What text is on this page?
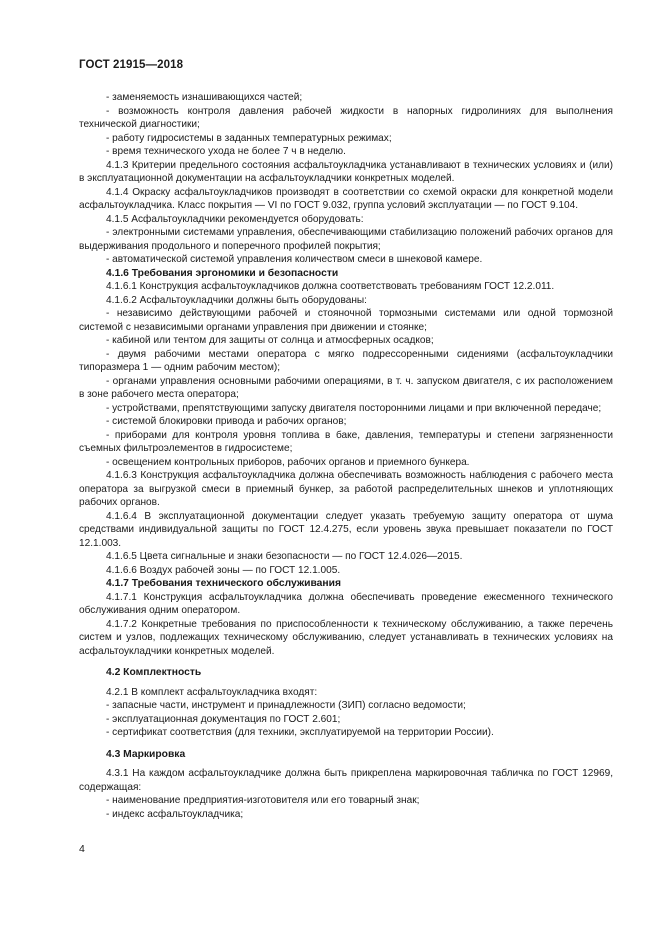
ГОСТ 21915—2018

- заменяемость изнашивающихся частей;

- возможность контроля давления рабочей жидкости в напорных гидролиниях для выполнения технической диагностики;

- работу гидросистемы в заданных температурных режимах;

- время технического ухода не более 7 ч в неделю.

4.1.3 Критерии предельного состояния асфальтоукладчика устанавливают в технических условиях и (или) в эксплуатационной документации на асфальтоукладчики конкретных моделей.

4.1.4 Окраску асфальтоукладчиков производят в соответствии со схемой окраски для конкретной модели асфальтоукладчика. Класс покрытия — VI по ГОСТ 9.032, группа условий эксплуатации — по ГОСТ 9.104.

4.1.5 Асфальтоукладчики рекомендуется оборудовать:

- электронными системами управления, обеспечивающими стабилизацию положений рабочих органов для выдерживания продольного и поперечного профилей покрытия;

- автоматической системой управления количеством смеси в шнековой камере.

4.1.6 Требования эргономики и безопасности

4.1.6.1 Конструкция асфальтоукладчиков должна соответствовать требованиям ГОСТ 12.2.011.

4.1.6.2 Асфальтоукладчики должны быть оборудованы:

- независимо действующими рабочей и стояночной тормозными системами или одной тормозной системой с независимыми органами управления при движении и стоянке;

- кабиной или тентом для защиты от солнца и атмосферных осадков;

- двумя рабочими местами оператора с мягко подрессоренными сидениями (асфальтоукладчики типоразмера 1 — одним рабочим местом);

- органами управления основными рабочими операциями, в т. ч. запуском двигателя, с их расположением в зоне рабочего места оператора;

- устройствами, препятствующими запуску двигателя посторонними лицами и при включенной передаче;

- системой блокировки привода и рабочих органов;

- приборами для контроля уровня топлива в баке, давления, температуры и степени загрязненности съемных фильтроэлементов в гидросистеме;

- освещением контрольных приборов, рабочих органов и приемного бункера.

4.1.6.3 Конструкция асфальтоукладчика должна обеспечивать возможность наблюдения с рабочего места оператора за выгрузкой смеси в приемный бункер, за работой распределительных шнеков и уплотняющих рабочих органов.

4.1.6.4 В эксплуатационной документации следует указать требуемую защиту оператора от шума средствами индивидуальной защиты по ГОСТ 12.4.275, если уровень звука превышает показатели по ГОСТ 12.1.003.

4.1.6.5 Цвета сигнальные и знаки безопасности — по ГОСТ 12.4.026—2015.

4.1.6.6 Воздух рабочей зоны — по ГОСТ 12.1.005.

4.1.7 Требования технического обслуживания

4.1.7.1 Конструкция асфальтоукладчика должна обеспечивать проведение ежесменного технического обслуживания одним оператором.

4.1.7.2 Конкретные требования по приспособленности к техническому обслуживанию, а также перечень систем и узлов, подлежащих техническому обслуживанию, следует устанавливать в технических условиях на асфальтоукладчики конкретных моделей.

4.2 Комплектность

4.2.1 В комплект асфальтоукладчика входят:

- запасные части, инструмент и принадлежности (ЗИП) согласно ведомости;

- эксплуатационная документация по ГОСТ 2.601;

- сертификат соответствия (для техники, эксплуатируемой на территории России).

4.3 Маркировка

4.3.1 На каждом асфальтоукладчике должна быть прикреплена маркировочная табличка по ГОСТ 12969, содержащая:

- наименование предприятия-изготовителя или его товарный знак;

- индекс асфальтоукладчика;

4
